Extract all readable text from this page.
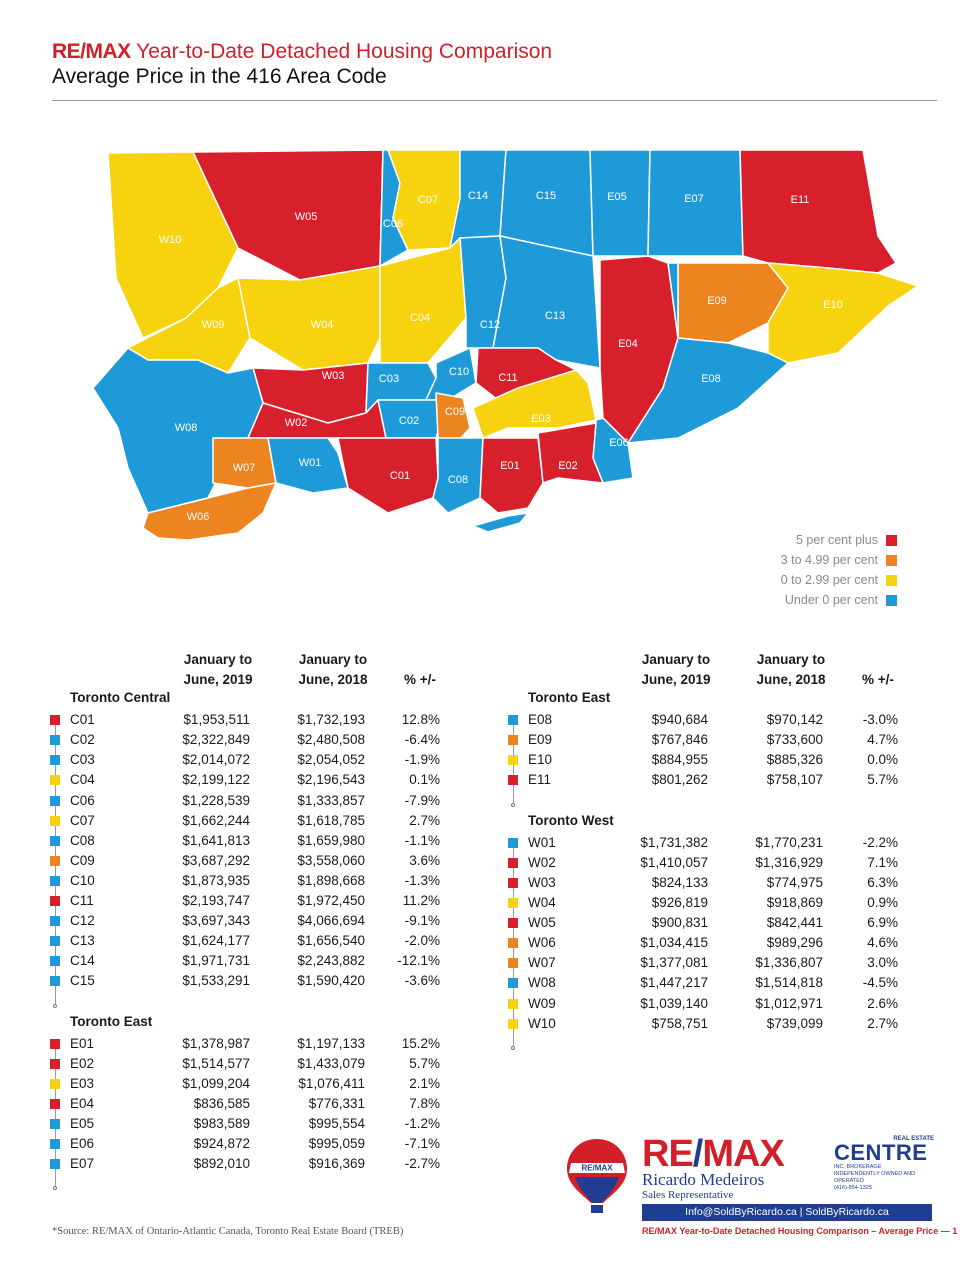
RE/MAX Year-to-Date Detached Housing Comparison
Average Price in the 416 Area Code
W10
W05
C06
C07	C14	C15	E05	E07	E11
W09	W04
C04
C12
C13
E09	E10
W03	C03
C10	C11
E04
E08
W08	W02	C02
C09
E03
E06
W07	W01
C01	C08
E01	E02
W06
5 per cent plus
3 to 4.99 per cent
0 to 2.99 per cent
Under 0 per cent
January to
June, 2019
January to
June, 2018	% +/-
Toronto Central
C01	$1,953,511	$1,732,193	12.8%
C02	$2,322,849	$2,480,508	-6.4%
C03	$2,014,072	$2,054,052	-1.9%
C04	$2,199,122	$2,196,543	0.1%
C06	$1,228,539	$1,333,857	-7.9%
C07	$1,662,244	$1,618,785	2.7%
C08	$1,641,813	$1,659,980	-1.1%
C09	$3,687,292	$3,558,060	3.6%
C10	$1,873,935	$1,898,668	-1.3%
C11	$2,193,747	$1,972,450	11.2%
C12	$3,697,343	$4,066,694	-9.1%
C13	$1,624,177	$1,656,540	-2.0%
C14	$1,971,731	$2,243,882 -12.1%
C15	$1,533,291	$1,590,420	-3.6%
Toronto East
E01	$1,378,987	$1,197,133	15.2%
E02	$1,514,577	$1,433,079	5.7%
E03	$1,099,204	$1,076,411	2.1%
E04	$836,585	$776,331	7.8%
E05	$983,589	$995,554	-1.2%
E06	$924,872	$995,059	-7.1%
E07	$892,010	$916,369	-2.7%
January to
June, 2019
January to
June, 2018	% +/-
Toronto East
E08	$940,684	$970,142	-3.0%
E09	$767,846	$733,600	4.7%
E10	$884,955	$885,326	0.0%
E11	$801,262	$758,107	5.7%
Toronto West
W01	$1,731,382	$1,770,231	-2.2%
W02	$1,410,057	$1,316,929	7.1%
W03	$824,133	$774,975	6.3%
W04	$926,819	$918,869	0.9%
W05	$900,831	$842,441	6.9%
W06	$1,034,415	$989,296	4.6%
W07	$1,377,081	$1,336,807	3.0%
W08	$1,447,217	$1,514,818	-4.5%
W09	$1,039,140	$1,012,971	2.6%
W10	$758,751	$739,099	2.7%
*Source: RE/MAX of Ontario-Atlantic Canada, Toronto Real Estate Board (TREB)
RE/MAX RE/MAX	REAL ESTATE
CENTRE
INC. BROKERAGE
INDEPENDENTLY OWNED AND OPERATED
(416)-854-1325
Ricardo Medeiros
Sales Representative
Info@SoldByRicardo.ca | SoldByRicardo.ca
RE/MAX Year-to-Date Detached Housing Comparison – Average Price — 1
